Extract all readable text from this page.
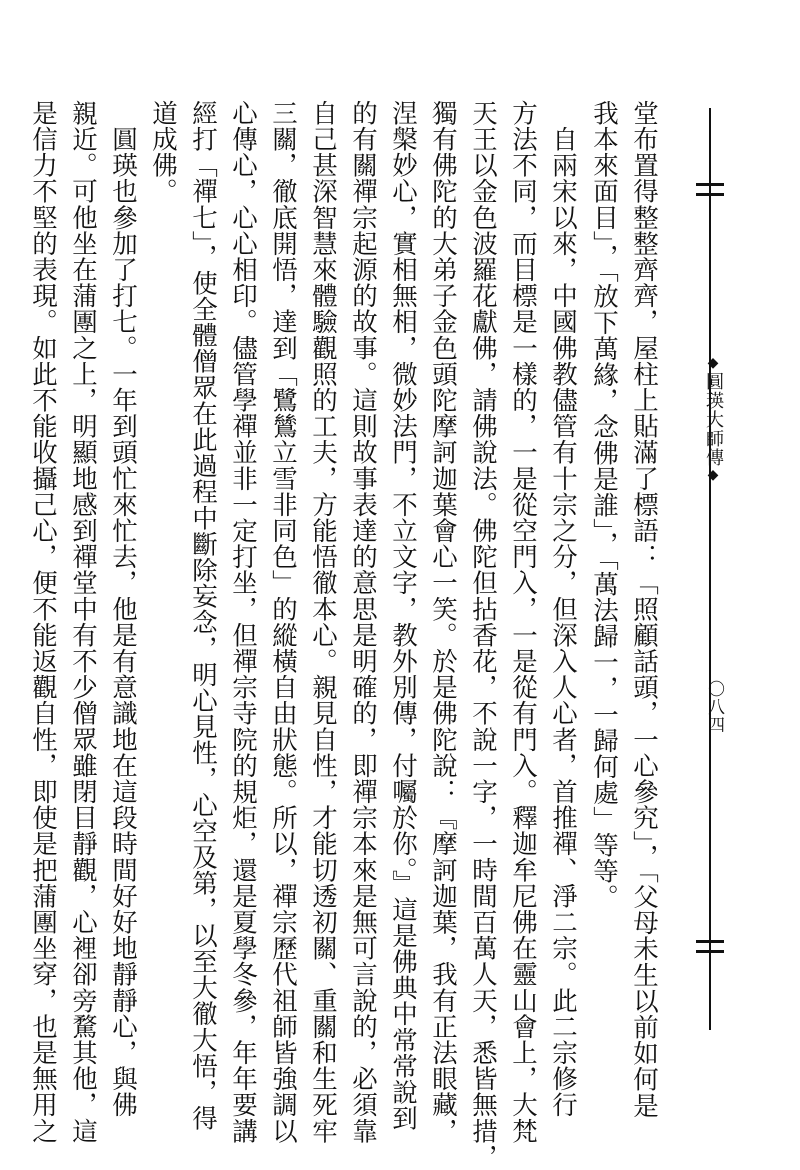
◆圓瑛大師傳◆
〇八四
堂布置得整整齊齊，屋柱上貼滿了標語：「照顧話頭，一心參究」，「父母未生以前如何是
我本來面目」，「放下萬緣，念佛是誰」，「萬法歸一，一歸何處」等等。
　自兩宋以來，中國佛教儘管有十宗之分，但深入人心者，首推禪、淨二宗。此二宗修行
方法不同，而目標是一樣的，一是從空門入，一是從有門入。釋迦牟尼佛在靈山會上，大梵
天王以金色波羅花獻佛，請佛說法。佛陀但拈香花，不說一字，一時間百萬人天，悉皆無措，
獨有佛陀的大弟子金色頭陀摩訶迦葉會心一笑。於是佛陀說：『摩訶迦葉，我有正法眼藏，
涅槃妙心，實相無相，微妙法門，不立文字，教外別傳，付囑於你。』這是佛典中常常說到
的有關禪宗起源的故事。這則故事表達的意思是明確的，即禪宗本來是無可言說的，必須靠
自己甚深智慧來體驗觀照的工夫，方能悟徹本心。親見自性，才能切透初關、重關和生死牢
三關，徹底開悟，達到「鷺鷥立雪非同色」的縱橫自由狀態。所以，禪宗歷代祖師皆強調以
心傳心，心心相印。儘管學禪並非一定打坐，但禪宗寺院的規炬，還是夏學冬參，年年要講
經打「禪七」，使全體僧眾在此過程中斷除妄念，明心見性，心空及第，以至大徹大悟，得
道成佛。
　圓瑛也參加了打七。一年到頭忙來忙去，他是有意識地在這段時間好好地靜靜心，與佛
親近。可他坐在蒲團之上，明顯地感到禪堂中有不少僧眾雖閉目靜觀，心裡卻旁騖其他，這
是信力不堅的表現。如此不能收攝己心，便不能返觀自性，即使是把蒲團坐穿，也是無用之
